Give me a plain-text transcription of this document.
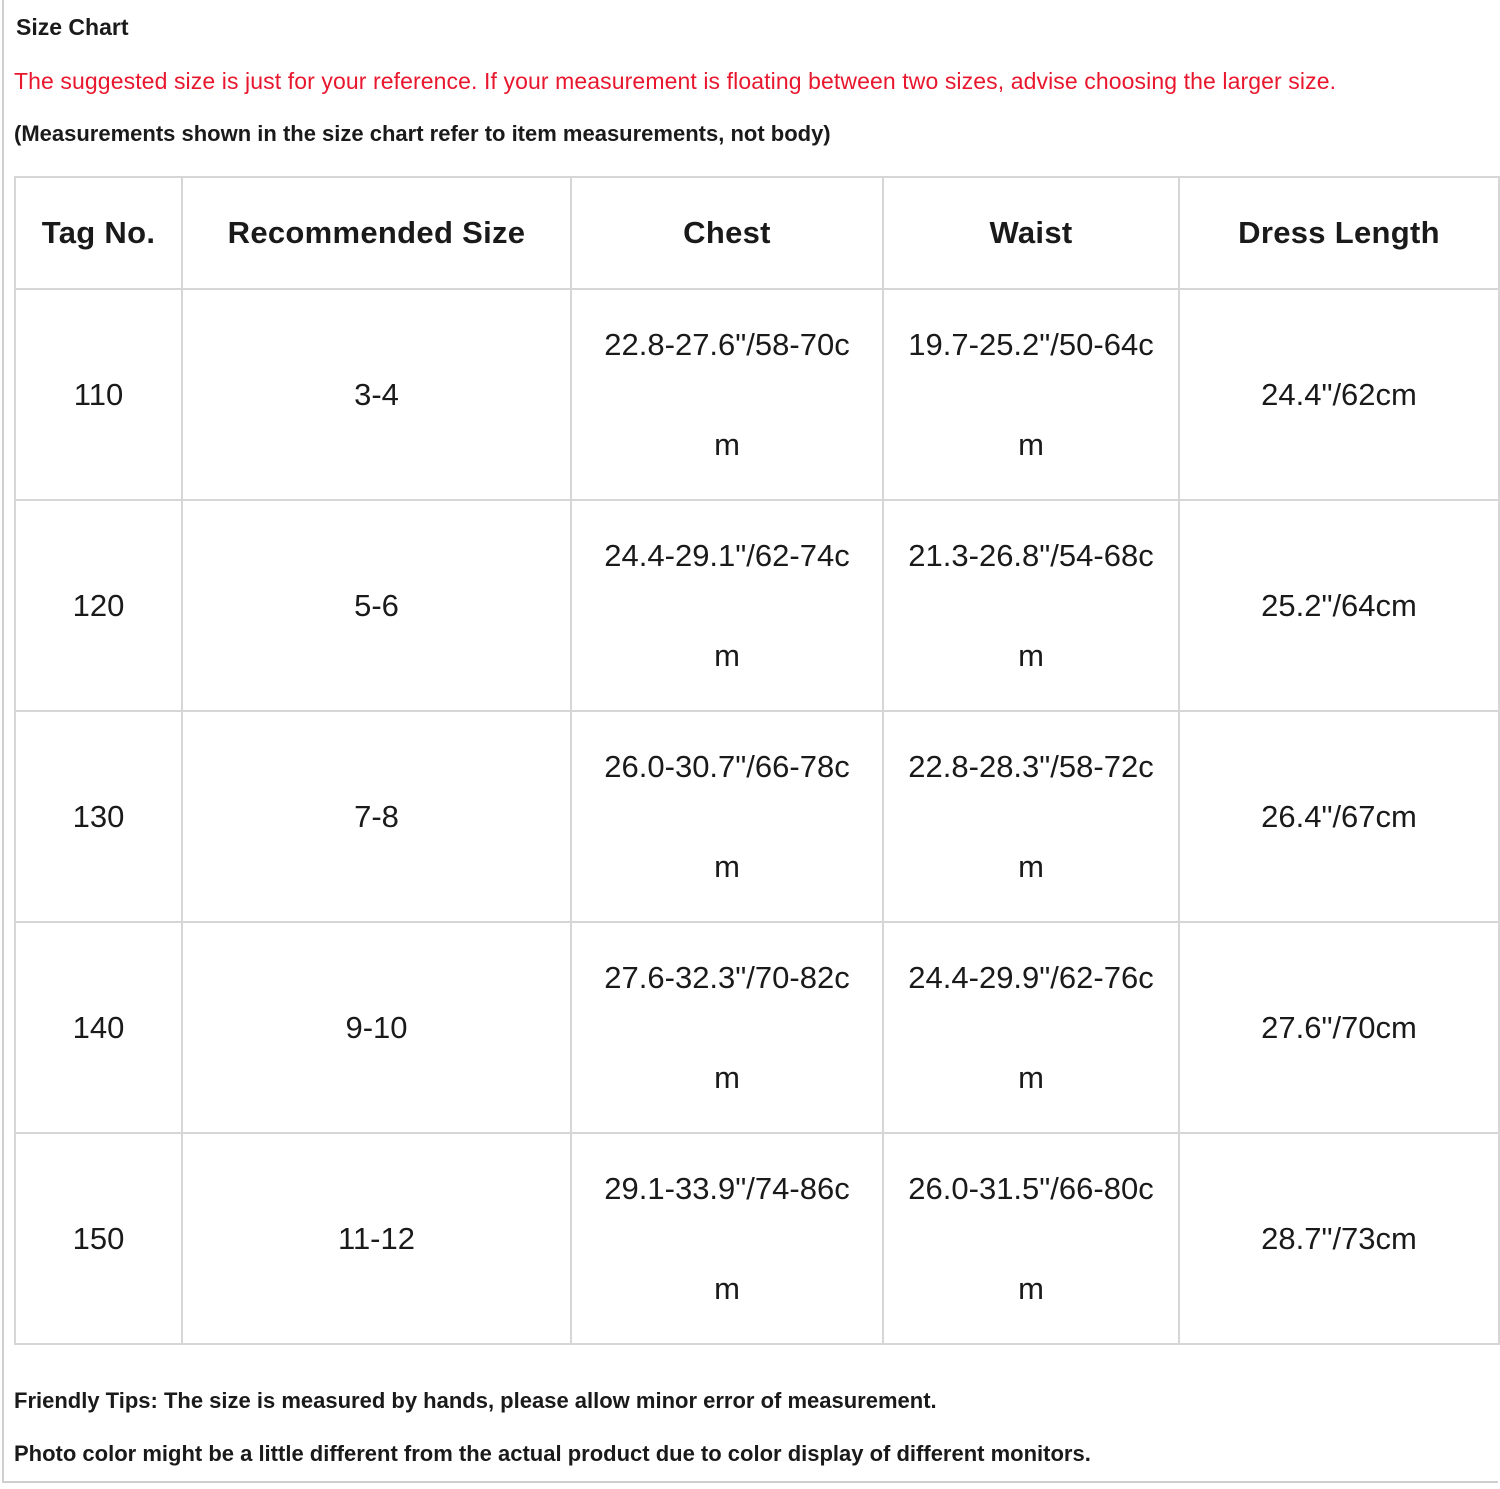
Size Chart
The suggested size is just for your reference. If your measurement is floating between two sizes, advise choosing the larger size.
(Measurements shown in the size chart refer to item measurements, not body)
Tag No.	Recommended Size	Chest	Waist	Dress Length
110	3-4	22.8-27.6"/58-70cm	19.7-25.2"/50-64cm	24.4"/62cm
120	5-6	24.4-29.1"/62-74cm	21.3-26.8"/54-68cm	25.2"/64cm
130	7-8	26.0-30.7"/66-78cm	22.8-28.3"/58-72cm	26.4"/67cm
140	9-10	27.6-32.3"/70-82cm	24.4-29.9"/62-76cm	27.6"/70cm
150	11-12	29.1-33.9"/74-86cm	26.0-31.5"/66-80cm	28.7"/73cm
Friendly Tips: The size is measured by hands, please allow minor error of measurement.
Photo color might be a little different from the actual product due to color display of different monitors.
